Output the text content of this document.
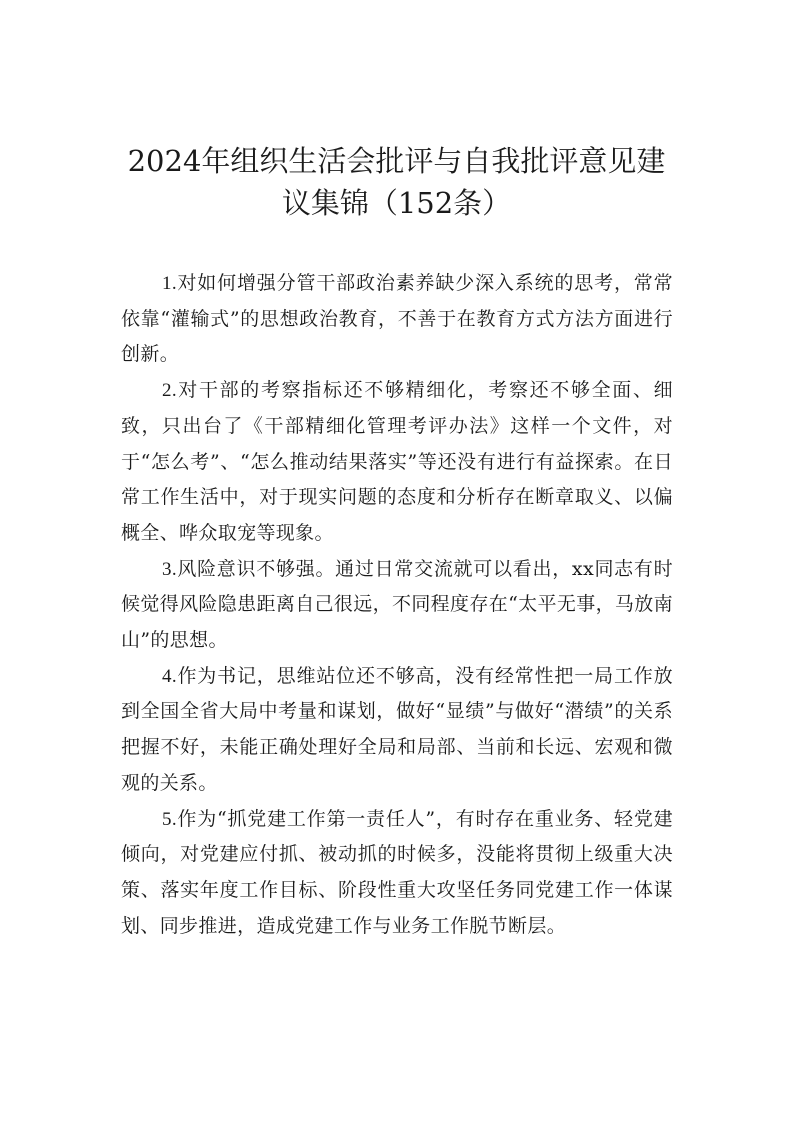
2024年组织生活会批评与自我批评意见建
议集锦（152条）

1.对如何增强分管干部政治素养缺少深入系统的思考，常常依靠“灌输式”的思想政治教育，不善于在教育方式方法方面进行创新。

2.对干部的考察指标还不够精细化，考察还不够全面、细致，只出台了《干部精细化管理考评办法》这样一个文件，对于“怎么考”、“怎么推动结果落实”等还没有进行有益探索。在日常工作生活中，对于现实问题的态度和分析存在断章取义、以偏概全、哗众取宠等现象。

3.风险意识不够强。通过日常交流就可以看出，xx同志有时候觉得风险隐患距离自己很远，不同程度存在“太平无事，马放南山”的思想。

4.作为书记，思维站位还不够高，没有经常性把一局工作放到全国全省大局中考量和谋划，做好“显绩”与做好“潜绩”的关系把握不好，未能正确处理好全局和局部、当前和长远、宏观和微观的关系。

5.作为“抓党建工作第一责任人”，有时存在重业务、轻党建倾向，对党建应付抓、被动抓的时候多，没能将贯彻上级重大决策、落实年度工作目标、阶段性重大攻坚任务同党建工作一体谋划、同步推进，造成党建工作与业务工作脱节断层。
